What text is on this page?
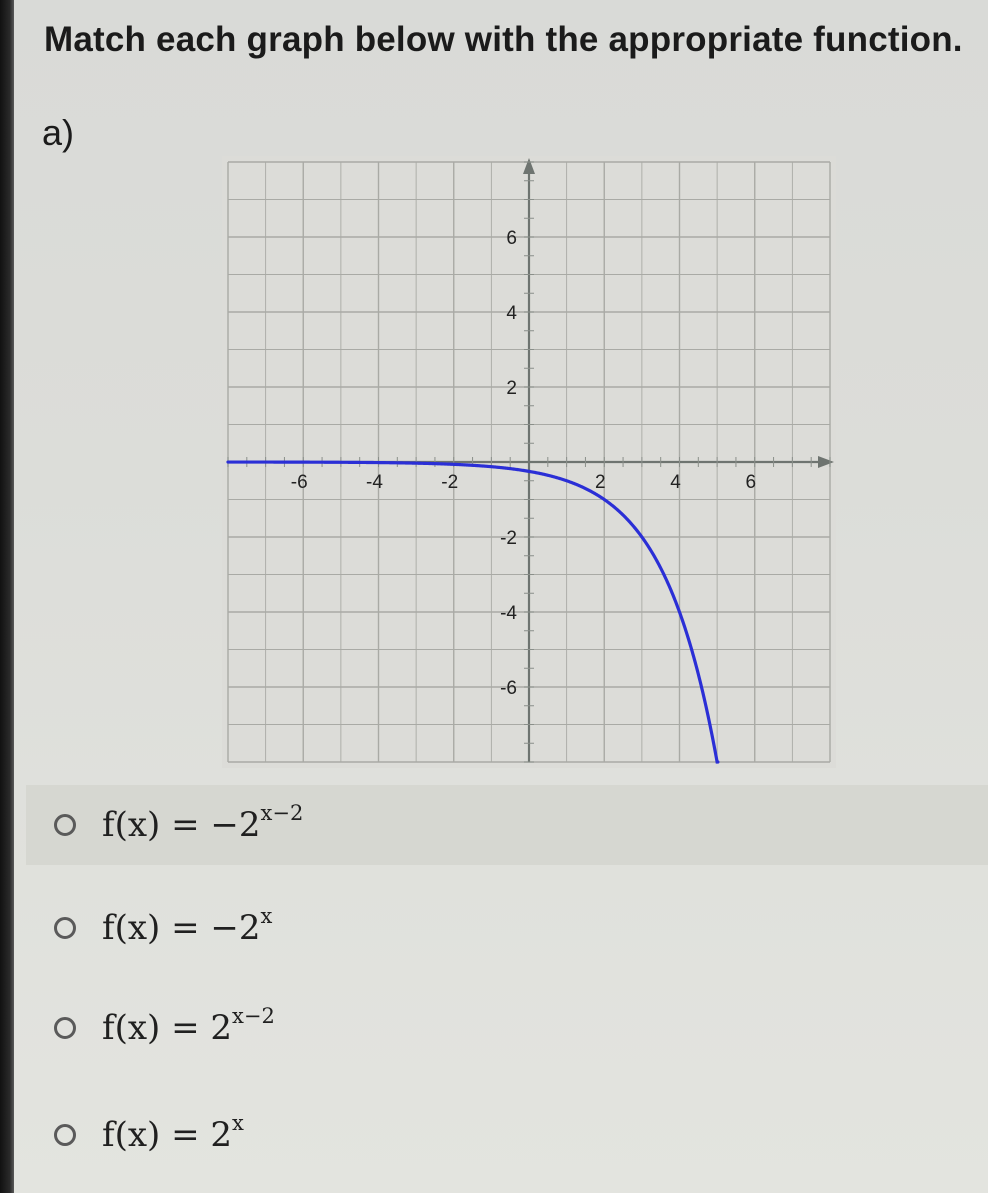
Match each graph below with the appropriate function.
a)
-6	-4	-2	2	4	6
6
4
2
-2
-4
-6
$f(x) = -2^{x-2}$
$f(x) = -2^x$
$f(x) = 2^{x-2}$
$f(x) = 2^x$
